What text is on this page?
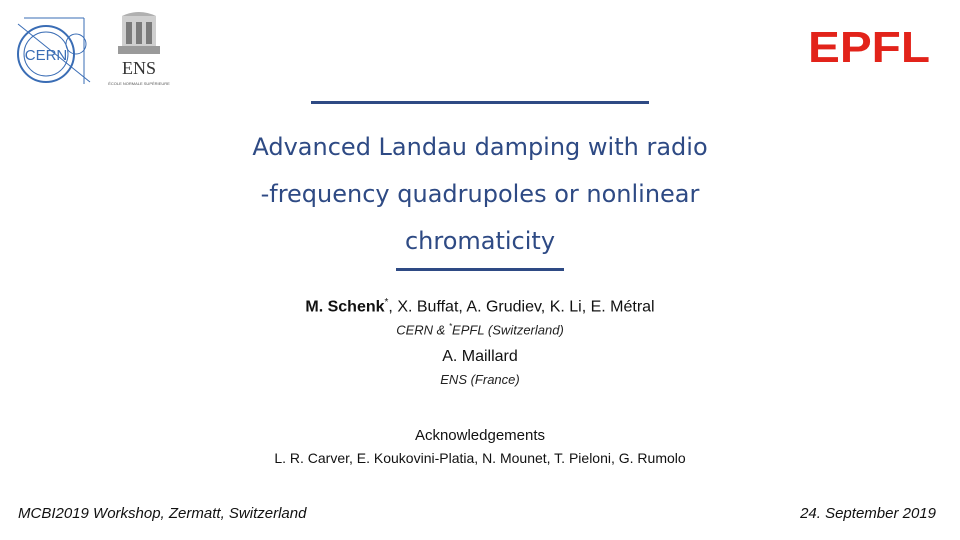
CERN
ENS
ÉCOLE NORMALE SUPÉRIEURE
EPFL
Advanced Landau damping with radio
-frequency quadrupoles or nonlinear
chromaticity
M. Schenk*, X. Buffat, A. Grudiev, K. Li, E. Métral
CERN & *EPFL (Switzerland)
A. Maillard
ENS (France)
Acknowledgements
L. R. Carver, E. Koukovini-Platia, N. Mounet, T. Pieloni, G. Rumolo
MCBI2019 Workshop, Zermatt, Switzerland	24. September 2019
